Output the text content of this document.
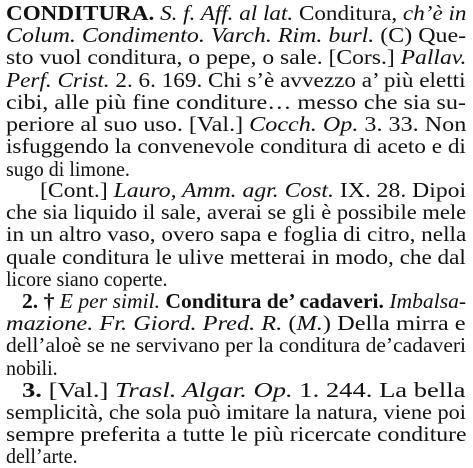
CONDITURA. S. f. Aff. al lat. Conditura, ch’è in
Colum. Condimento. Varch. Rim. burl. (C) Que-
sto vuol conditura, o pepe, o sale. [Cors.] Pallav.
Perf. Crist. 2. 6. 169. Chi s’è avvezzo a’ più eletti
cibi, alle più fine conditure… messo che sia su-
periore al suo uso. [Val.] Cocch. Op. 3. 33. Non
isfuggendo la convenevole conditura di aceto e di
sugo di limone.
[Cont.] Lauro, Amm. agr. Cost. IX. 28. Dipoi
che sia liquido il sale, averai se gli è possibile mele
in un altro vaso, overo sapa e foglia di citro, nella
quale conditura le ulive metterai in modo, che dal
licore siano coperte.
2. † E per simil. Conditura de’ cadaveri. Imbalsa-
mazione. Fr. Giord. Pred. R. (M.) Della mirra e
dell’aloè se ne servivano per la conditura de’cadaveri
nobili.
3. [Val.] Trasl. Algar. Op. 1. 244. La bella
semplicità, che sola può imitare la natura, viene poi
sempre preferita a tutte le più ricercate conditure
dell’arte.
